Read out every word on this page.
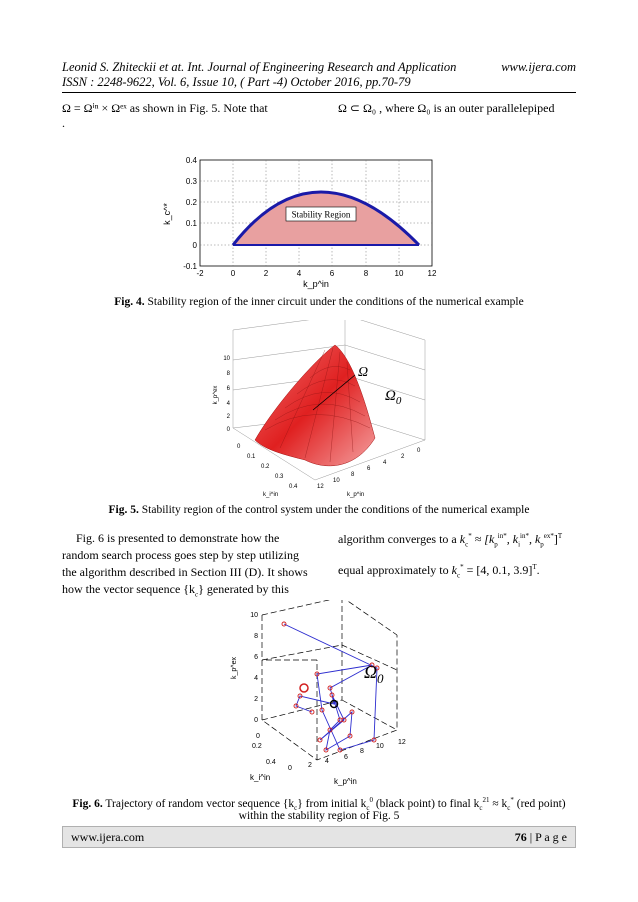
Leonid S. Zhiteckii et at. Int. Journal of Engineering Research and Application	www.ijera.com
ISSN : 2248-9622, Vol. 6, Issue 10, ( Part -4) October 2016, pp.70-79
Ω = Ωⁱⁿ × Ωᵉˣ as shown in Fig. 5. Note that
.
Ω ⊂ Ω₀ , where Ω₀ is an outer parallelepiped
Stability Region
-2	0	2	4	6	8	10	12
0.4
0.3
0.2
0.1
0
-0.1
k_c^*
k_p^in
Fig. 4. Stability region of the inner circuit under the conditions of the numerical example
Ω
$\Omega_0$
10
8
6
4
2
0
0
0.1
0.2
0.3
0.4	12
10
8
6
4
2
0
k_p^ex
k_i^in	k_p^in
Fig. 5. Stability region of the control system under the conditions of the numerical example
Fig. 6 is presented to demonstrate how the
random search process goes step by step utilizing
the algorithm described in Section III (D). It shows
how the vector sequence $\{k_c\}$ generated by this
algorithm converges to a $k_c^* \approx [k_p^{in*}$, $k_i^{in*}$, $k_p^{ex*}]^T$
equal approximately to $k_c^* = [4$, 0.1, 3.9]$^T$.
$\Omega_0$
10
8
6
4
2
0
0
0.2
0.4
0 2
4
6
8
10
12
k_p^ex
k_i^in	k_p^in
Fig. 6. Trajectory of random vector sequence $\{k_c\}$ from initial $k_c^0$ (black point) to final $k_c^{21} \approx k_c^*$ (red point)
within the stability region of Fig. 5
www.ijera.com	76 | P a g e
